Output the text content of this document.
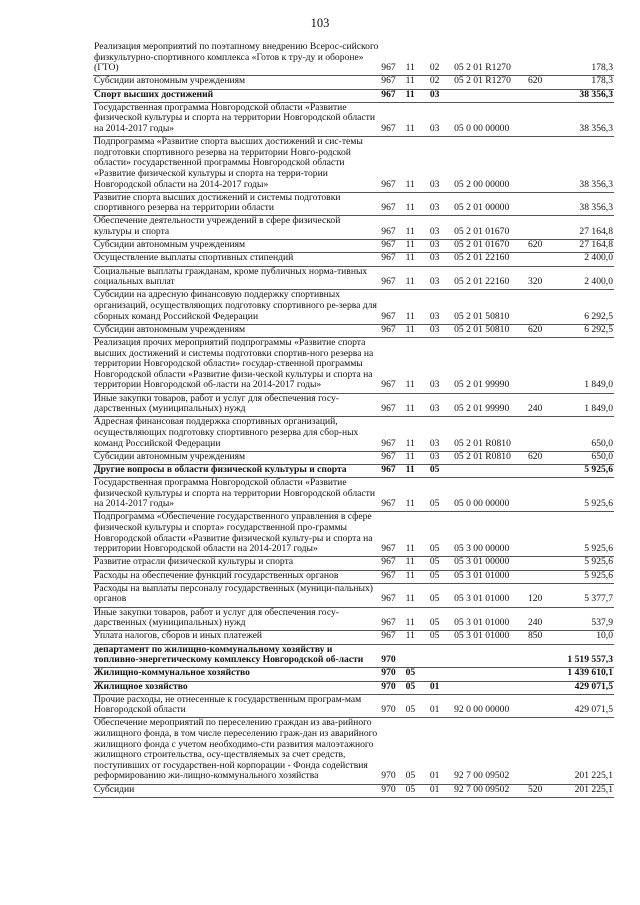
103
Реализация мероприятий по поэтапному внедрению Всерос-сийского физкультурно-спортивного комплекса «Готов к тру-ду и обороне» (ГТО)	967	11	02	05 2 01 R1270		178,3
Субсидии автономным учреждениям	967	11	02	05 2 01 R1270	620	178,3
Спорт высших достижений	967	11	03			38 356,3
Государственная программа Новгородской области «Развитие физической культуры и спорта на территории Новгородской области на 2014-2017 годы»	967	11	03	05 0 00 00000		38 356,3
Подпрограмма «Развитие спорта высших достижений и сис-темы подготовки спортивного резерва на территории Новго-родской области» государственной программы Новгородской области «Развитие физической культуры и спорта на терри-тории Новгородской области на 2014-2017 годы»	967	11	03	05 2 00 00000		38 356,3
Развитие спорта высших достижений и системы подготовки спортивного резерва на территории области	967	11	03	05 2 01 00000		38 356,3
Обеспечение деятельности учреждений в сфере физической культуры и спорта	967	11	03	05 2 01 01670		27 164,8
Субсидии автономным учреждениям	967	11	03	05 2 01 01670	620	27 164,8
Осуществление выплаты спортивных стипендий	967	11	03	05 2 01 22160		2 400,0
Социальные выплаты гражданам, кроме публичных норма-тивных социальных выплат	967	11	03	05 2 01 22160	320	2 400,0
Субсидии на адресную финансовую поддержку спортивных организаций, осуществляющих подготовку спортивного ре-зерва для сборных команд Российской Федерации	967	11	03	05 2 01 50810		6 292,5
Субсидии автономным учреждениям	967	11	03	05 2 01 50810	620	6 292,5
Реализация прочих мероприятий подпрограммы «Развитие спорта высших достижений и системы подготовки спортив-ного резерва на территории Новгородской области» государ-ственной программы Новгородской области «Развитие физи-ческой культуры и спорта на территории Новгородской об-ласти на 2014-2017 годы»	967	11	03	05 2 01 99990		1 849,0
Иные закупки товаров, работ и услуг для обеспечения госу-дарственных (муниципальных) нужд	967	11	03	05 2 01 99990	240	1 849,0
Адресная финансовая поддержка спортивных организаций, осуществляющих подготовку спортивного резерва для сбор-ных команд Российской Федерации	967	11	03	05 2 01 R0810		650,0
Субсидии автономным учреждениям	967	11	03	05 2 01 R0810	620	650,0
Другие вопросы в области физической культуры и спорта	967	11	05			5 925,6
Государственная программа Новгородской области «Развитие физической культуры и спорта на территории Новгородской области на 2014-2017 годы»	967	11	05	05 0 00 00000		5 925,6
Подпрограмма «Обеспечение государственного управления в сфере физической культуры и спорта» государственной про-граммы Новгородской области «Развитие физической культу-ры и спорта на территории Новгородской области на 2014-2017 годы»	967	11	05	05 3 00 00000		5 925,6
Развитие отрасли физической культуры и спорта	967	11	05	05 3 01 00000		5 925,6
Расходы на обеспечение функций государственных органов	967	11	05	05 3 01 01000		5 925,6
Расходы на выплаты персоналу государственных (муници-пальных) органов	967	11	05	05 3 01 01000	120	5 377,7
Иные закупки товаров, работ и услуг для обеспечения госу-дарственных (муниципальных) нужд	967	11	05	05 3 01 01000	240	537,9
Уплата налогов, сборов и иных платежей	967	11	05	05 3 01 01000	850	10,0
департамент по жилищно-коммунальному хозяйству и топливно-энергетическому комплексу Новгородской об-ласти	970					1 519 557,3
Жилищно-коммунальное хозяйство	970	05				1 439 610,1
Жилищное хозяйство	970	05	01			429 071,5
Прочие расходы, не отнесенные к государственным програм-мам Новгородской области	970	05	01	92 0 00 00000		429 071,5
Обеспечение мероприятий по переселению граждан из ава-рийного жилищного фонда, в том числе переселению граж-дан из аварийного жилищного фонда с учетом необходимо-сти развития малоэтажного жилищного строительства, осу-ществляемых за счет средств, поступивших от государствен-ной корпорации - Фонда содействия реформированию жи-лищно-коммунального хозяйства	970	05	01	92 7 00 09502		201 225,1
Субсидии	970	05	01	92 7 00 09502	520	201 225,1
